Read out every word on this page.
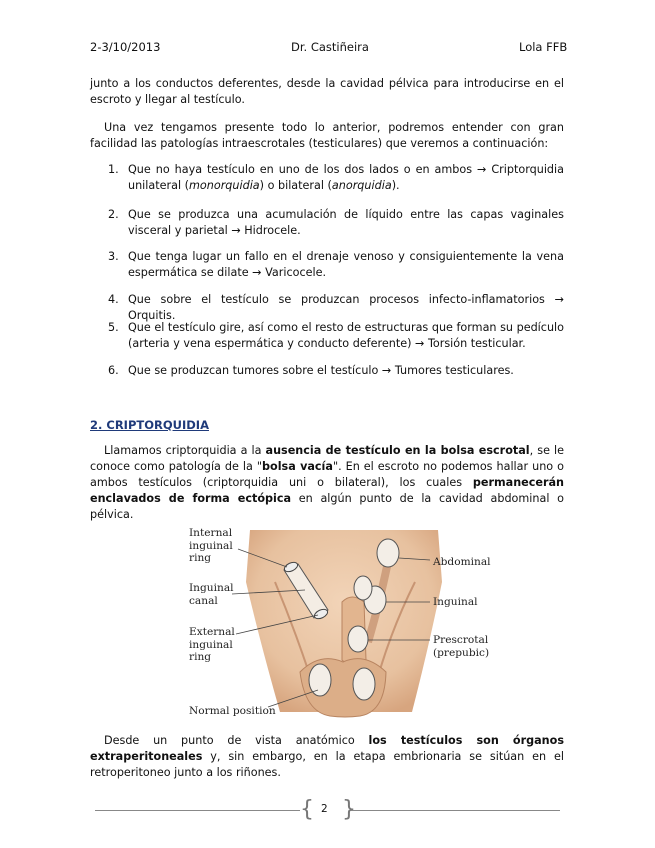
2-3/10/2013	Dr. Castiñeira	Lola FFB
junto a los conductos deferentes, desde la cavidad pélvica para introducirse en el escroto y llegar al testículo.
Una vez tengamos presente todo lo anterior, podremos entender con gran facilidad las patologías intraescrotales (testiculares) que veremos a continuación:
1. Que no haya testículo en uno de los dos lados o en ambos → Criptorquidia unilateral (monorquidia) o bilateral (anorquidia).
2. Que se produzca una acumulación de líquido entre las capas vaginales visceral y parietal → Hidrocele.
3. Que tenga lugar un fallo en el drenaje venoso y consiguientemente la vena espermática se dilate → Varicocele.
4. Que sobre el testículo se produzcan procesos infecto-inflamatorios → Orquitis.
5. Que el testículo gire, así como el resto de estructuras que forman su pedículo (arteria y vena espermática y conducto deferente) → Torsión testicular.
6. Que se produzcan tumores sobre el testículo → Tumores testiculares.
2. CRIPTORQUIDIA
Llamamos criptorquidia a la ausencia de testículo en la bolsa escrotal, se le conoce como patología de la "bolsa vacía". En el escroto no podemos hallar uno o ambos testículos (criptorquidia uni o bilateral), los cuales permanecerán enclavados de forma ectópica en algún punto de la cavidad abdominal o pélvica.
Internal
inguinal
ring
Inguinal
canal
External
inguinal
ring
Normal position
Abdominal
Inguinal
Prescrotal
(prepubic)
Desde un punto de vista anatómico los testículos son órganos extraperitoneales y, sin embargo, en la etapa embrionaria se sitúan en el retroperitoneo junto a los riñones.
{ }
2
